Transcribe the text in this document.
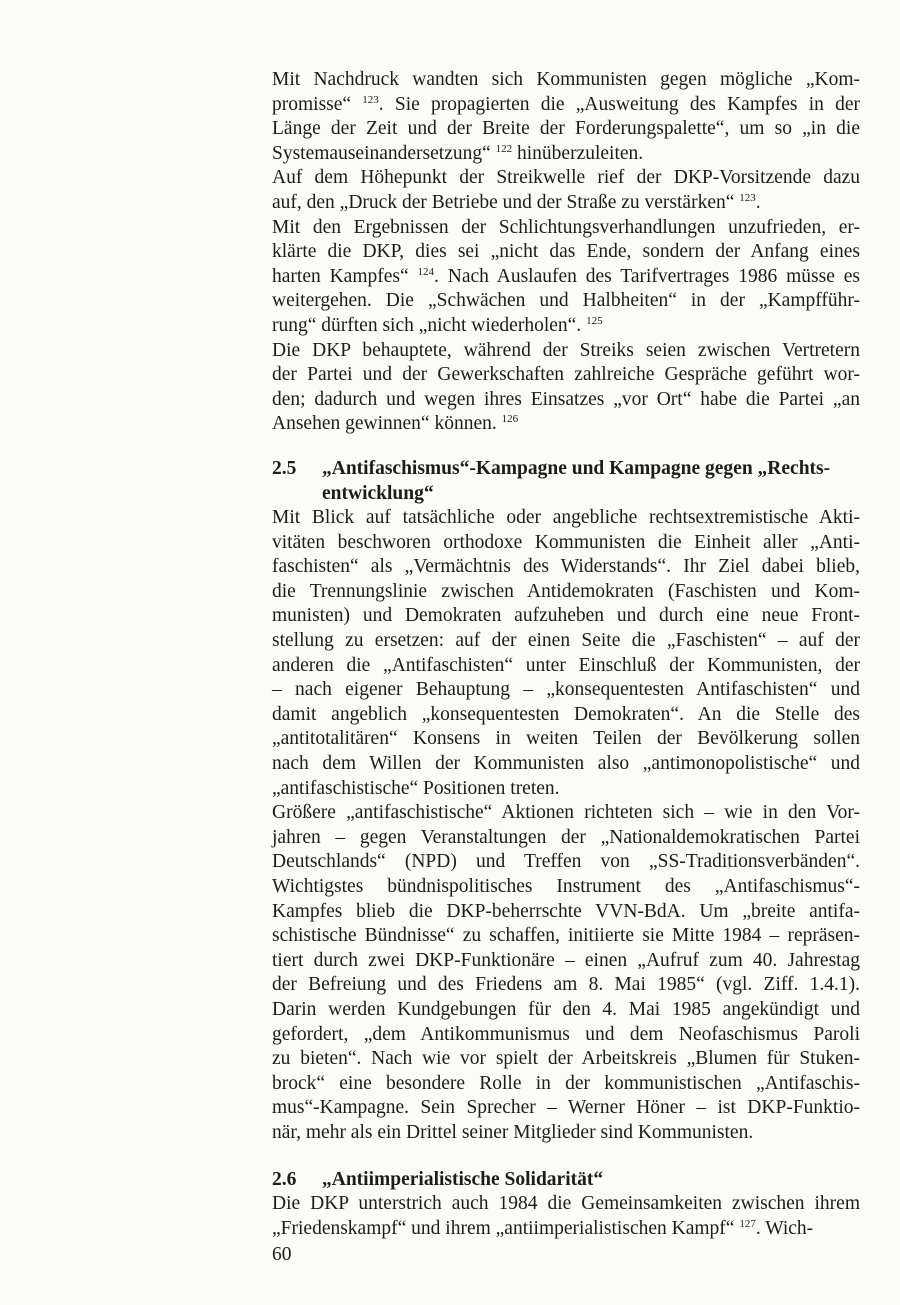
Mit Nachdruck wandten sich Kommunisten gegen mögliche „Kom-
promisse“ $^{123}$. Sie propagierten die „Ausweitung des Kampfes in der
Länge der Zeit und der Breite der Forderungspalette“, um so „in die
Systemauseinandersetzung“ $^{122}$ hinüberzuleiten.
Auf dem Höhepunkt der Streikwelle rief der DKP-Vorsitzende dazu
auf, den „Druck der Betriebe und der Straße zu verstärken“ $^{123}$.
Mit den Ergebnissen der Schlichtungsverhandlungen unzufrieden, er-
klärte die DKP, dies sei „nicht das Ende, sondern der Anfang eines
harten Kampfes“ $^{124}$. Nach Auslaufen des Tarifvertrages 1986 müsse es
weitergehen. Die „Schwächen und Halbheiten“ in der „Kampfführ-
rung“ dürften sich „nicht wiederholen“. $^{125}$
Die DKP behauptete, während der Streiks seien zwischen Vertretern
der Partei und der Gewerkschaften zahlreiche Gespräche geführt wor-
den; dadurch und wegen ihres Einsatzes „vor Ort“ habe die Partei „an
Ansehen gewinnen“ können. $^{126}$
2.5 „Antifaschismus“-Kampagne und Kampagne gegen „Rechts-
entwicklung“
Mit Blick auf tatsächliche oder angebliche rechtsextremistische Akti-
vitäten beschworen orthodoxe Kommunisten die Einheit aller „Anti-
faschisten“ als „Vermächtnis des Widerstands“. Ihr Ziel dabei blieb,
die Trennungslinie zwischen Antidemokraten (Faschisten und Kom-
munisten) und Demokraten aufzuheben und durch eine neue Front-
stellung zu ersetzen: auf der einen Seite die „Faschisten“ – auf der
anderen die „Antifaschisten“ unter Einschluß der Kommunisten, der
– nach eigener Behauptung – „konsequentesten Antifaschisten“ und
damit angeblich „konsequentesten Demokraten“. An die Stelle des
„antitotalitären“ Konsens in weiten Teilen der Bevölkerung sollen
nach dem Willen der Kommunisten also „antimonopolistische“ und
„antifaschistische“ Positionen treten.
Größere „antifaschistische“ Aktionen richteten sich – wie in den Vor-
jahren – gegen Veranstaltungen der „Nationaldemokratischen Partei
Deutschlands“ (NPD) und Treffen von „SS-Traditionsverbänden“.
Wichtigstes bündnispolitisches Instrument des „Antifaschismus“-
Kampfes blieb die DKP-beherrschte VVN-BdA. Um „breite antifa-
schistische Bündnisse“ zu schaffen, initiierte sie Mitte 1984 – repräsen-
tiert durch zwei DKP-Funktionäre – einen „Aufruf zum 40. Jahrestag
der Befreiung und des Friedens am 8. Mai 1985“ (vgl. Ziff. 1.4.1).
Darin werden Kundgebungen für den 4. Mai 1985 angekündigt und
gefordert, „dem Antikommunismus und dem Neofaschismus Paroli
zu bieten“. Nach wie vor spielt der Arbeitskreis „Blumen für Stuken-
brock“ eine besondere Rolle in der kommunistischen „Antifaschis-
mus“-Kampagne. Sein Sprecher – Werner Höner – ist DKP-Funktio-
när, mehr als ein Drittel seiner Mitglieder sind Kommunisten.
2.6 „Antiimperialistische Solidarität“
Die DKP unterstrich auch 1984 die Gemeinsamkeiten zwischen ihrem
„Friedenskampf“ und ihrem „antiimperialistischen Kampf“ $^{127}$. Wich-
60
